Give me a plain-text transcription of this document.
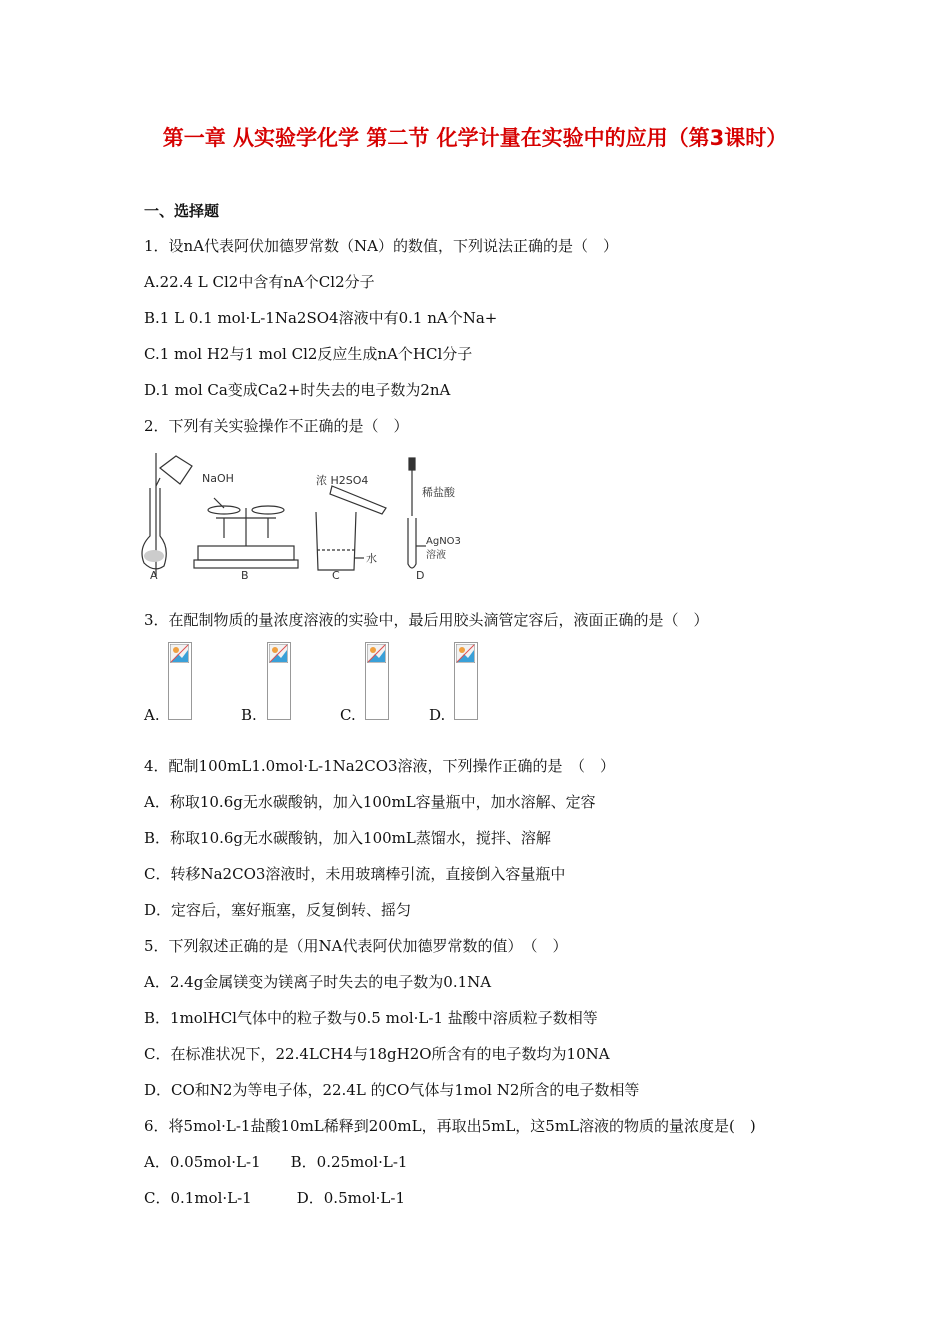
第一章 从实验学化学 第二节 化学计量在实验中的应用（第3课时）
一、选择题
1．设nA代表阿伏加德罗常数（NA）的数值，下列说法正确的是（　）
A.22.4 L Cl2中含有nA个Cl2分子
B.1 L 0.1 mol·L-1Na2SO4溶液中有0.1 nA个Na+
C.1 mol H2与1 mol Cl2反应生成nA个HCl分子
D.1 mol Ca变成Ca2+时失去的电子数为2nA
2．下列有关实验操作不正确的是（　）
NaOH	浓 H2SO4
稀盐酸
水
AgNO3
溶液
A	B	C	D
3．在配制物质的量浓度溶液的实验中，最后用胶头滴管定容后，液面正确的是（　）
A.	B.	C.	D.
4．配制100mL1.0mol·L-1Na2CO3溶液，下列操作正确的是　（　）
A．称取10.6g无水碳酸钠，加入100mL容量瓶中，加水溶解、定容
B．称取10.6g无水碳酸钠，加入100mL蒸馏水，搅拌、溶解
C．转移Na2CO3溶液时，未用玻璃棒引流，直接倒入容量瓶中
D．定容后，塞好瓶塞，反复倒转、摇匀
5．下列叙述正确的是（用NA代表阿伏加德罗常数的值）　（　）
A．2.4g金属镁变为镁离子时失去的电子数为0.1NA
B．1molHCl气体中的粒子数与0.5 mol·L-1 盐酸中溶质粒子数相等
C．在标准状况下，22.4LCH4与18gH2O所含有的电子数均为10NA
D．CO和N2为等电子体，22.4L 的CO气体与1mol N2所含的电子数相等
6．将5mol·L-1盐酸10mL稀释到200mL，再取出5mL，这5mL溶液的物质的量浓度是(　)
A．0.05mol·L-1　　B．0.25mol·L-1
C．0.1mol·L-1　　　D．0.5mol·L-1
